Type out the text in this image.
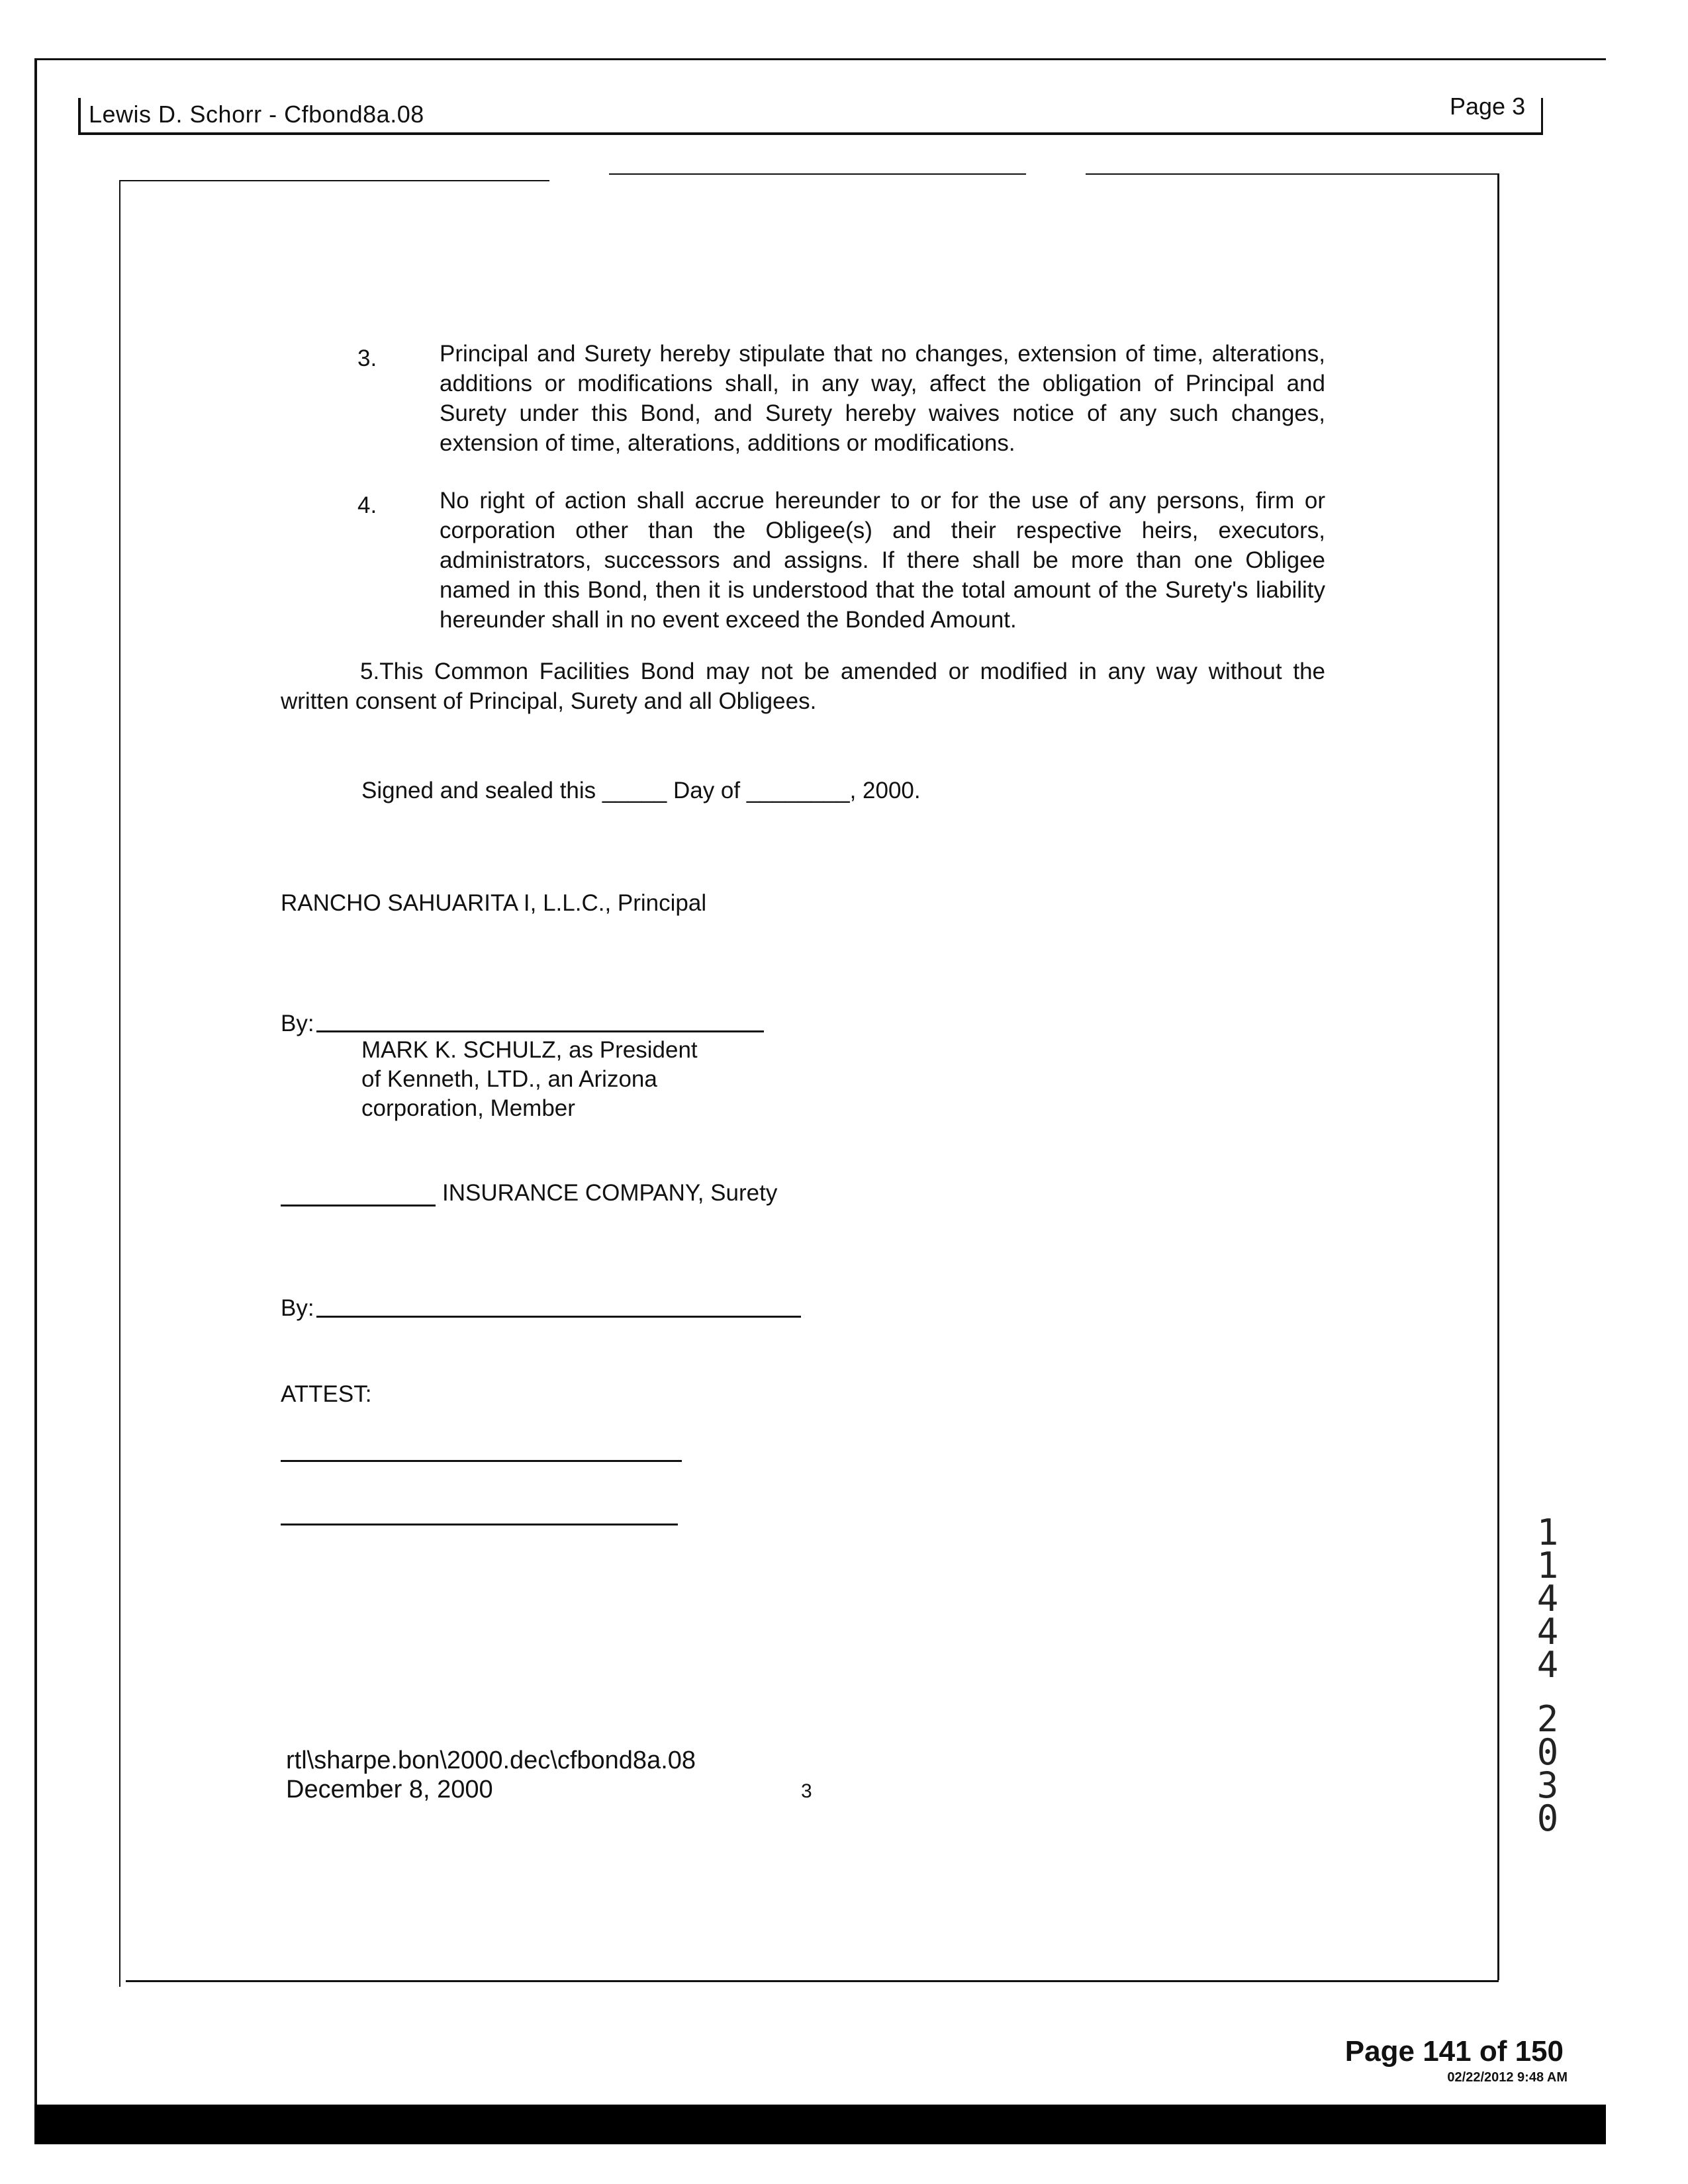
Lewis D. Schorr - Cfbond8a.08	Page 3
3.	Principal and Surety hereby stipulate that no changes, extension of time, alterations, additions or modifications shall, in any way, affect the obligation of Principal and Surety under this Bond, and Surety hereby waives notice of any such changes, extension of time, alterations, additions or modifications.
4.	No right of action shall accrue hereunder to or for the use of any persons, firm or corporation other than the Obligee(s) and their respective heirs, executors, administrators, successors and assigns. If there shall be more than one Obligee named in this Bond, then it is understood that the total amount of the Surety's liability hereunder shall in no event exceed the Bonded Amount.
5.This Common Facilities Bond may not be amended or modified in any way without the written consent of Principal, Surety and all Obligees.
Signed and sealed this _____ Day of ________, 2000.
RANCHO SAHUARITA I, L.L.C., Principal
By:
MARK K. SCHULZ, as President
of Kenneth, LTD., an Arizona
corporation, Member
INSURANCE COMPANY, Surety
By:
ATTEST:
rtl\sharpe.bon\2000.dec\cfbond8a.08
December 8, 2000	3
1
1
4
4
4
2
0
3
0
Page 141 of 150
02/22/2012 9:48 AM
